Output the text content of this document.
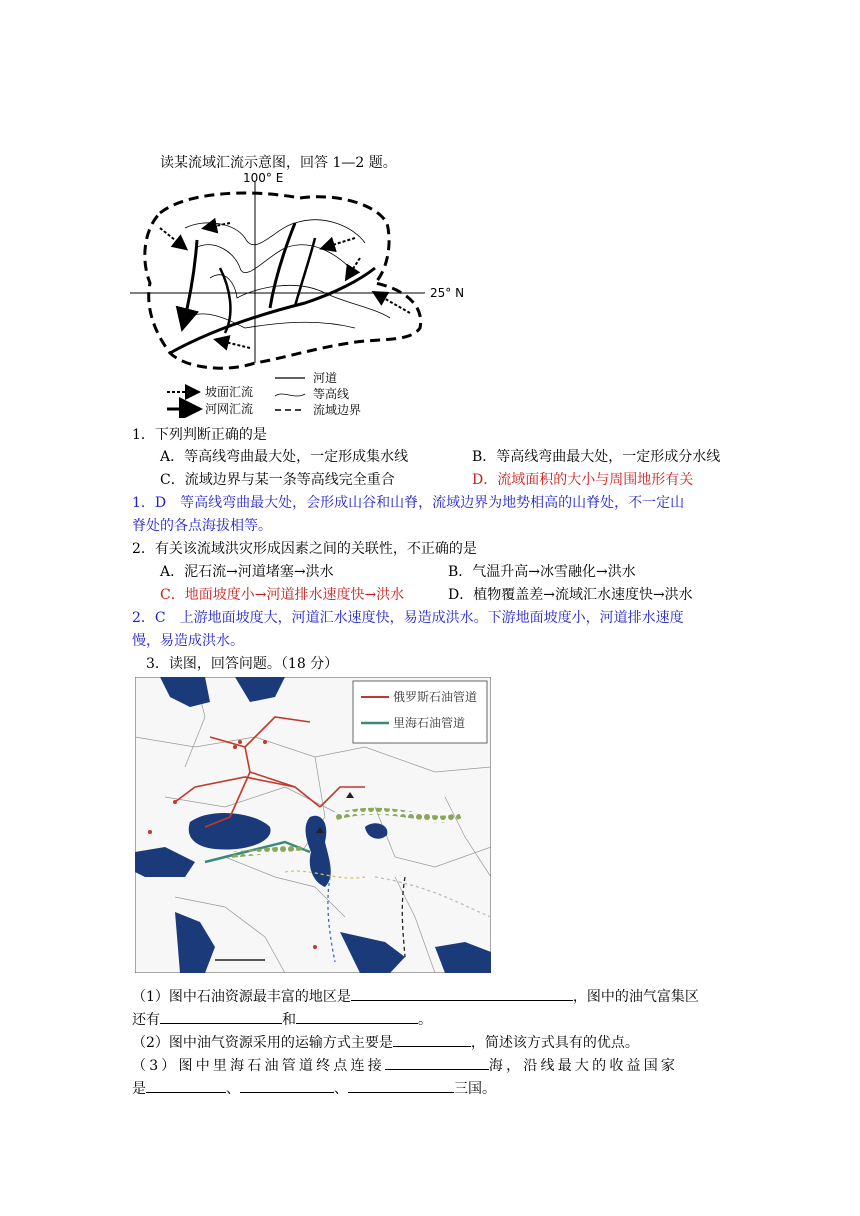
读某流域汇流示意图，回答 1—2 题。
100° E
25° N
坡面汇流
河网汇流
河道
等高线
流域边界
1．下列判断正确的是
A．等高线弯曲最大处，一定形成集水线	B．等高线弯曲最大处，一定形成分水线
C．流域边界与某一条等高线完全重合	D．流域面积的大小与周围地形有关
1．D　等高线弯曲最大处，会形成山谷和山脊，流域边界为地势相高的山脊处，不一定山
脊处的各点海拔相等。
2．有关该流域洪灾形成因素之间的关联性，不正确的是
A．泥石流→河道堵塞→洪水	B．气温升高→冰雪融化→洪水
C．地面坡度小→河道排水速度快→洪水	D．植物覆盖差→流域汇水速度快→洪水
2．C　上游地面坡度大，河道汇水速度快，易造成洪水。下游地面坡度小，河道排水速度
慢，易造成洪水。
3．读图，回答问题。（18 分）
俄罗斯石油管道
里海石油管道
（1）图中石油资源最丰富的地区是	，图中的油气富集区
还有	和	。
（2）图中油气资源采用的运输方式主要是	，简述该方式具有的优点。
（3）图中里海石油管道终点连接	海，沿线最大的收益国家
是	、	、	三国。
